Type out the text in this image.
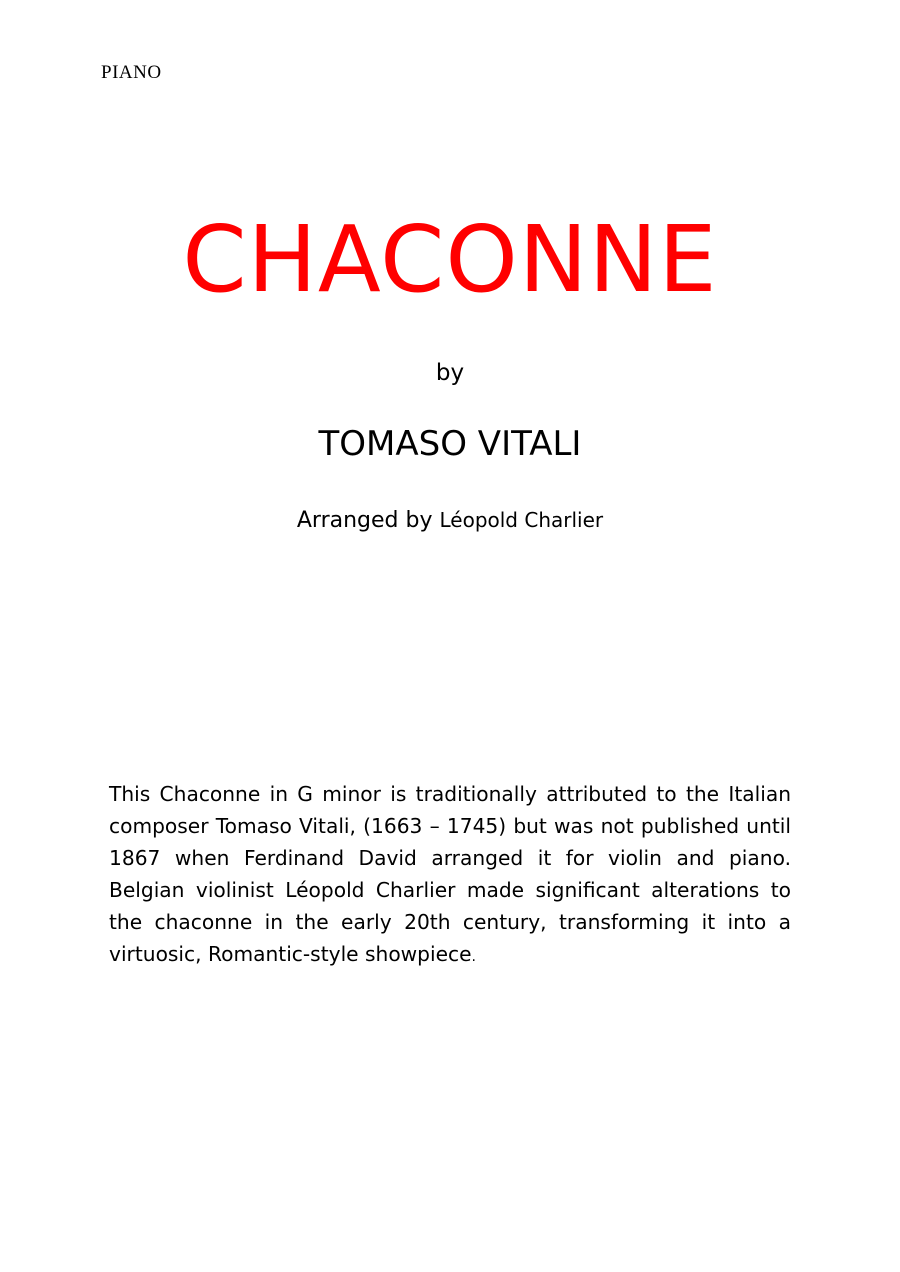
PIANO
CHACONNE
by
TOMASO VITALI
Arranged by Léopold Charlier
This Chaconne in G minor is traditionally attributed to the Italian composer Tomaso Vitali, (1663 – 1745) but was not published until 1867 when Ferdinand David arranged it for violin and piano. Belgian violinist Léopold Charlier made significant alterations to the chaconne in the early 20th century, transforming it into a virtuosic, Romantic-style showpiece.
